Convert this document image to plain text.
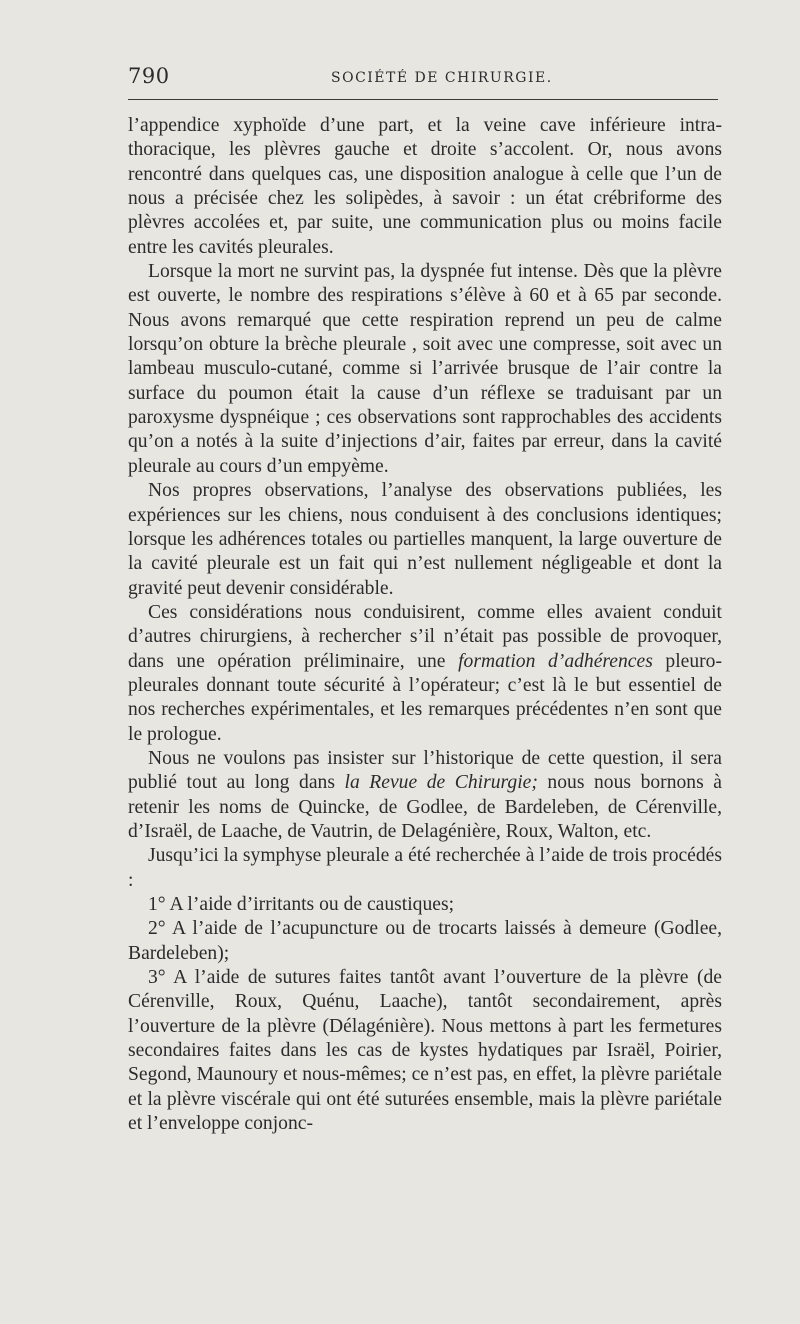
790	SOCIÉTÉ DE CHIRURGIE.

l’appendice xyphoïde d’une part, et la veine cave inférieure intra-thoracique, les plèvres gauche et droite s’accolent. Or, nous avons rencontré dans quelques cas, une disposition analogue à celle que l’un de nous a précisée chez les solipèdes, à savoir : un état crébriforme des plèvres accolées et, par suite, une communication plus ou moins facile entre les cavités pleurales.

Lorsque la mort ne survint pas, la dyspnée fut intense. Dès que la plèvre est ouverte, le nombre des respirations s’élève à 60 et à 65 par seconde. Nous avons remarqué que cette respiration reprend un peu de calme lorsqu’on obture la brèche pleurale , soit avec une compresse, soit avec un lambeau musculo-cutané, comme si l’arrivée brusque de l’air contre la surface du poumon était la cause d’un réflexe se traduisant par un paroxysme dyspnéique ; ces observations sont rapprochables des accidents qu’on a notés à la suite d’injections d’air, faites par erreur, dans la cavité pleurale au cours d’un empyème.

Nos propres observations, l’analyse des observations publiées, les expériences sur les chiens, nous conduisent à des conclusions identiques; lorsque les adhérences totales ou partielles manquent, la large ouverture de la cavité pleurale est un fait qui n’est nullement négligeable et dont la gravité peut devenir considérable.

Ces considérations nous conduisirent, comme elles avaient conduit d’autres chirurgiens, à rechercher s’il n’était pas possible de provoquer, dans une opération préliminaire, une formation d’adhérences pleuro-pleurales donnant toute sécurité à l’opérateur; c’est là le but essentiel de nos recherches expérimentales, et les remarques précédentes n’en sont que le prologue.

Nous ne voulons pas insister sur l’historique de cette question, il sera publié tout au long dans la Revue de Chirurgie; nous nous bornons à retenir les noms de Quincke, de Godlee, de Bardeleben, de Cérenville, d’Israël, de Laache, de Vautrin, de Delagénière, Roux, Walton, etc.

Jusqu’ici la symphyse pleurale a été recherchée à l’aide de trois procédés :

1° A l’aide d’irritants ou de caustiques;

2° A l’aide de l’acupuncture ou de trocarts laissés à demeure (Godlee, Bardeleben);

3° A l’aide de sutures faites tantôt avant l’ouverture de la plèvre (de Cérenville, Roux, Quénu, Laache), tantôt secondairement, après l’ouverture de la plèvre (Délagénière). Nous mettons à part les fermetures secondaires faites dans les cas de kystes hydatiques par Israël, Poirier, Segond, Maunoury et nous-mêmes; ce n’est pas, en effet, la plèvre pariétale et la plèvre viscérale qui ont été suturées ensemble, mais la plèvre pariétale et l’enveloppe conjonc-
